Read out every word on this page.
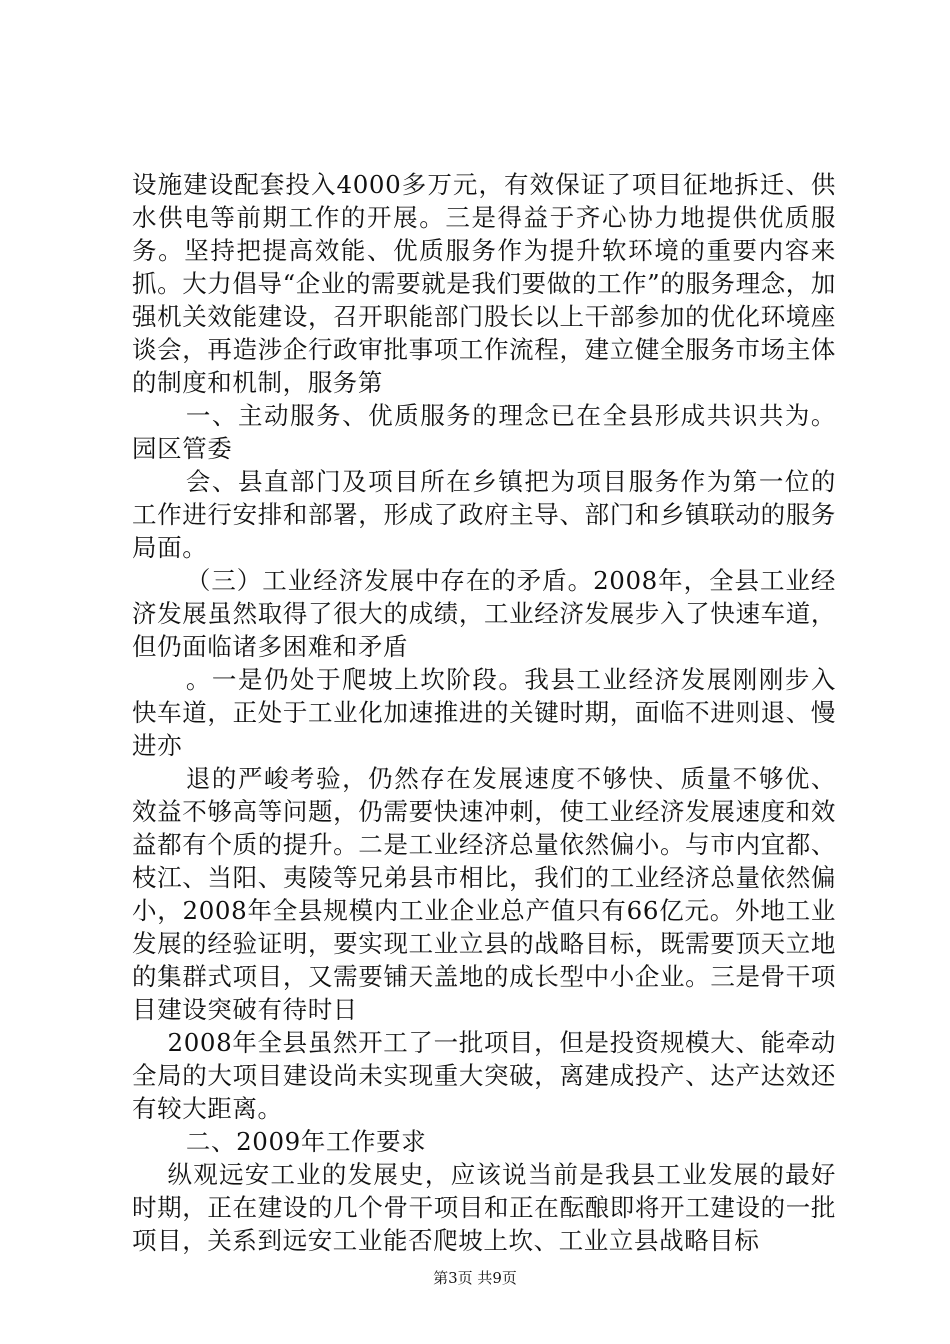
设施建设配套投入4000多万元，有效保证了项目征地拆迁、供水供电等前期工作的开展。三是得益于齐心协力地提供优质服务。坚持把提高效能、优质服务作为提升软环境的重要内容来抓。大力倡导“企业的需要就是我们要做的工作”的服务理念，加强机关效能建设，召开职能部门股长以上干部参加的优化环境座谈会，再造涉企行政审批事项工作流程，建立健全服务市场主体的制度和机制，服务第

一、主动服务、优质服务的理念已在全县形成共识共为。园区管委

会、县直部门及项目所在乡镇把为项目服务作为第一位的工作进行安排和部署，形成了政府主导、部门和乡镇联动的服务局面。

（三）工业经济发展中存在的矛盾。2008年，全县工业经济发展虽然取得了很大的成绩，工业经济发展步入了快速车道，但仍面临诸多困难和矛盾

。一是仍处于爬坡上坎阶段。我县工业经济发展刚刚步入快车道，正处于工业化加速推进的关键时期，面临不进则退、慢进亦

退的严峻考验，仍然存在发展速度不够快、质量不够优、效益不够高等问题，仍需要快速冲刺，使工业经济发展速度和效益都有个质的提升。二是工业经济总量依然偏小。与市内宜都、枝江、当阳、夷陵等兄弟县市相比，我们的工业经济总量依然偏小，2008年全县规模内工业企业总产值只有66亿元。外地工业发展的经验证明，要实现工业立县的战略目标，既需要顶天立地的集群式项目，又需要铺天盖地的成长型中小企业。三是骨干项目建设突破有待时日

2008年全县虽然开工了一批项目，但是投资规模大、能牵动全局的大项目建设尚未实现重大突破，离建成投产、达产达效还有较大距离。

二、2009年工作要求

纵观远安工业的发展史，应该说当前是我县工业发展的最好时期，正在建设的几个骨干项目和正在酝酿即将开工建设的一批项目，关系到远安工业能否爬坡上坎、工业立县战略目标

第3页 共9页
